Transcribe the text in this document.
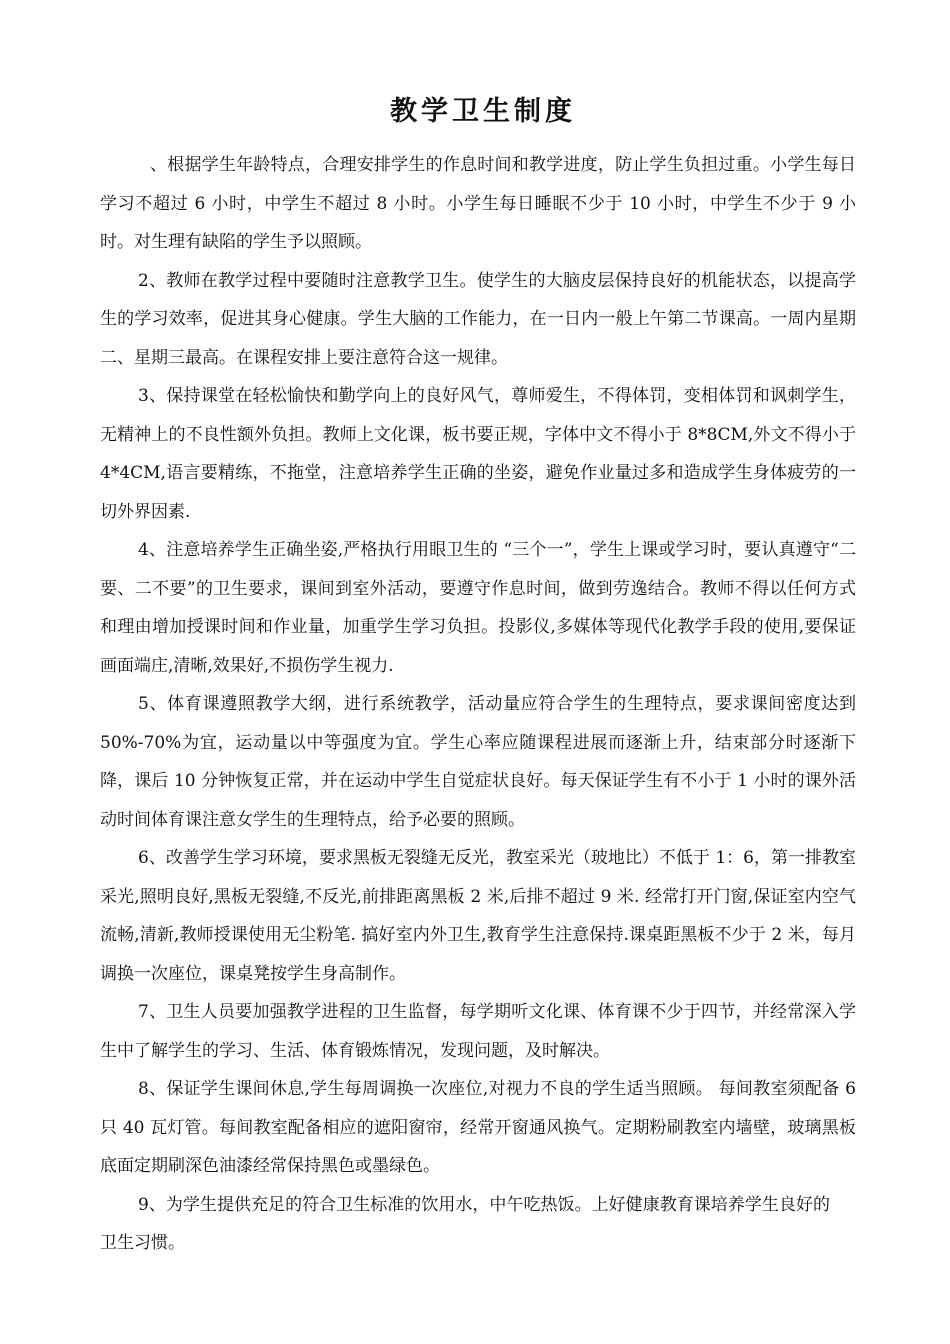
教学卫生制度

、根据学生年龄特点，合理安排学生的作息时间和教学进度，防止学生负担过重。小学生每日学习不超过 6 小时，中学生不超过 8 小时。小学生每日睡眠不少于 10 小时，中学生不少于 9 小时。对生理有缺陷的学生予以照顾。

2、教师在教学过程中要随时注意教学卫生。使学生的大脑皮层保持良好的机能状态，以提高学生的学习效率，促进其身心健康。学生大脑的工作能力，在一日内一般上午第二节课高。一周内星期二、星期三最高。在课程安排上要注意符合这一规律。

3、保持课堂在轻松愉快和勤学向上的良好风气，尊师爱生，不得体罚，变相体罚和讽刺学生，无精神上的不良性额外负担。教师上文化课，板书要正规，字体中文不得小于 8*8CM,外文不得小于 4*4CM,语言要精练，不拖堂，注意培养学生正确的坐姿，避免作业量过多和造成学生身体疲劳的一切外界因素.

4、注意培养学生正确坐姿,严格执行用眼卫生的 “三个一”，学生上课或学习时，要认真遵守“二要、二不要”的卫生要求，课间到室外活动，要遵守作息时间，做到劳逸结合。教师不得以任何方式和理由增加授课时间和作业量，加重学生学习负担。投影仪,多媒体等现代化教学手段的使用,要保证画面端庄,清晰,效果好,不损伤学生视力.

5、体育课遵照教学大纲，进行系统教学，活动量应符合学生的生理特点，要求课间密度达到 50%-70%为宜，运动量以中等强度为宜。学生心率应随课程进展而逐渐上升，结束部分时逐渐下降，课后 10 分钟恢复正常，并在运动中学生自觉症状良好。每天保证学生有不小于 1 小时的课外活动时间体育课注意女学生的生理特点，给予必要的照顾。

6、改善学生学习环境，要求黑板无裂缝无反光，教室采光（玻地比）不低于 1：6，第一排教室采光,照明良好,黑板无裂缝,不反光,前排距离黑板 2 米,后排不超过 9 米. 经常打开门窗,保证室内空气流畅,清新,教师授课使用无尘粉笔. 搞好室内外卫生,教育学生注意保持.课桌距黑板不少于 2 米，每月调换一次座位，课桌凳按学生身高制作。

7、卫生人员要加强教学进程的卫生监督，每学期听文化课、体育课不少于四节，并经常深入学生中了解学生的学习、生活、体育锻炼情况，发现问题，及时解决。

8、保证学生课间休息,学生每周调换一次座位,对视力不良的学生适当照顾。 每间教室须配备 6 只 40 瓦灯管。每间教室配备相应的遮阳窗帘，经常开窗通风换气。定期粉刷教室内墙壁，玻璃黑板底面定期刷深色油漆经常保持黑色或墨绿色。

9、为学生提供充足的符合卫生标准的饮用水，中午吃热饭。上好健康教育课培养学生良好的卫生习惯。
